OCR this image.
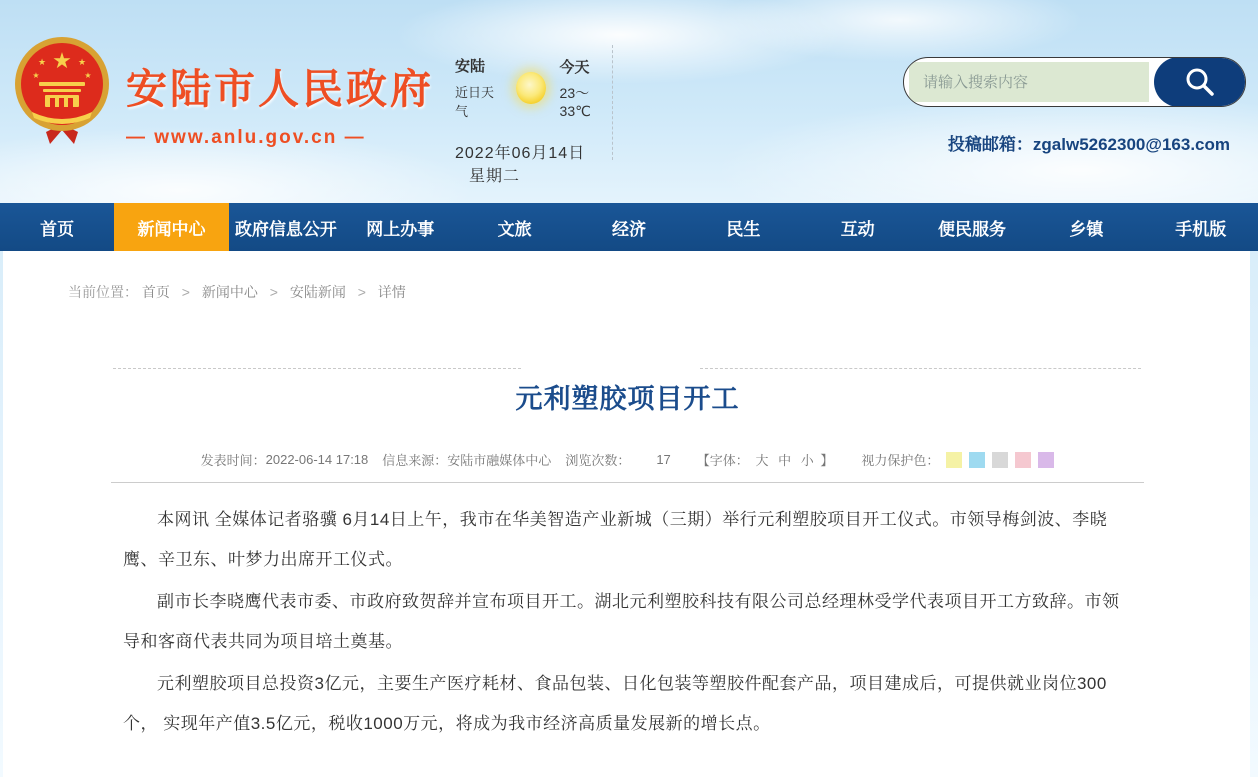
★
★	★
★	★ 安陆市人民政府
— www.anlu.gov.cn —
安陆
近日天气
今天
23～33℃
2022年06月14日 星期二
请输入搜索内容
投稿邮箱：zgalw5262300@163.com
首页	新闻中心	政府信息公开	网上办事	文旅	经济	民生	互动	便民服务	乡镇	手机版
当前位置： 首页 > 新闻中心 > 安陆新闻 > 详情
元利塑胶项目开工
发表时间： 2022-06-14 17:18 信息来源： 安陆市融媒体中心 浏览次数： 17 【字体： 大 中 小 】 视力保护色：

本网讯 全媒体记者骆骥 6月14日上午，我市在华美智造产业新城（三期）举行元利塑胶项目开工仪式。市领导梅剑波、李晓鹰、辛卫东、叶梦力出席开工仪式。

副市长李晓鹰代表市委、市政府致贺辞并宣布项目开工。湖北元利塑胶科技有限公司总经理林受学代表项目开工方致辞。市领导和客商代表共同为项目培土奠基。

元利塑胶项目总投资3亿元，主要生产医疗耗材、食品包装、日化包装等塑胶件配套产品，项目建成后，可提供就业岗位300个， 实现年产值3.5亿元，税收1000万元，将成为我市经济高质量发展新的增长点。
